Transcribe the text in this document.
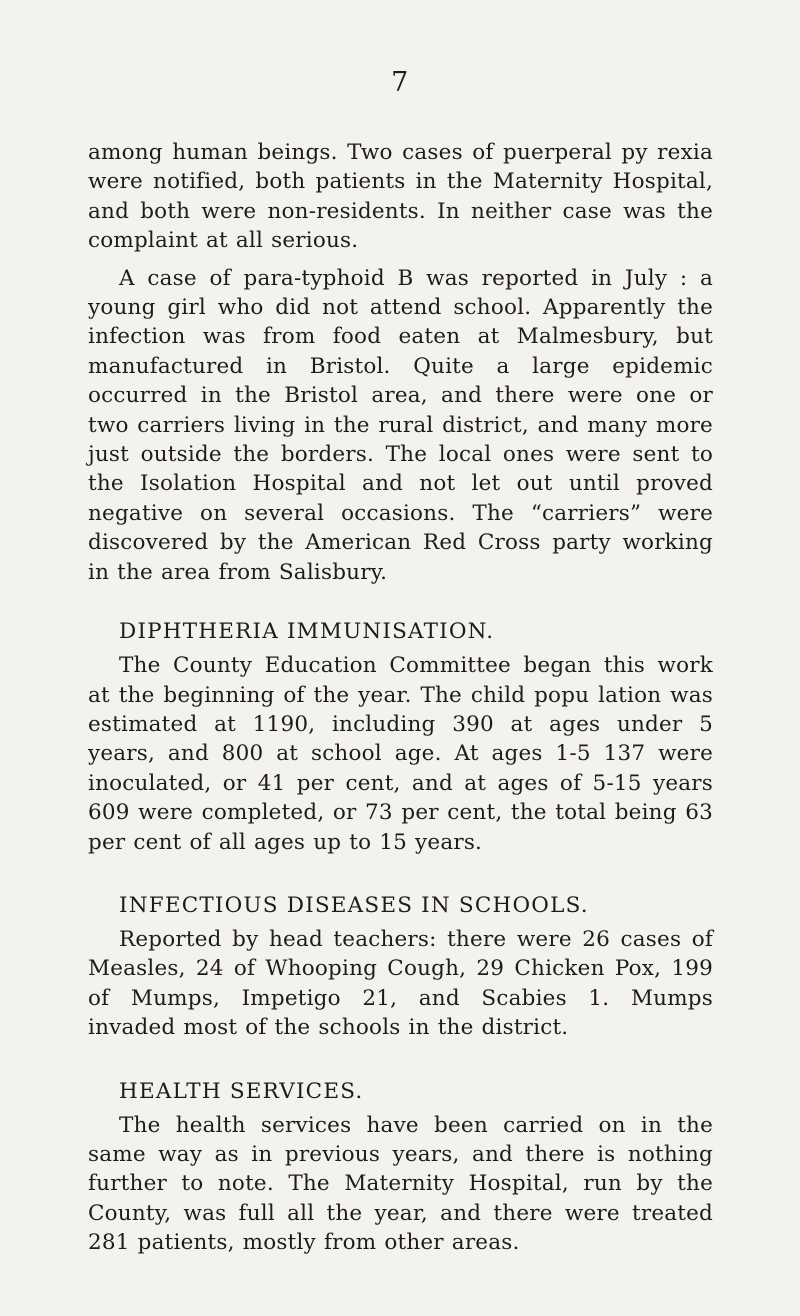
7

among human beings. Two cases of puerperal py rexia were notified, both patients in the Maternity Hospital, and both were non-residents. In neither case was the complaint at all serious.

A case of para-typhoid B was reported in July : a young girl who did not attend school. Apparently the infection was from food eaten at Malmesbury, but manufactured in Bristol. Quite a large epidemic occurred in the Bristol area, and there were one or two carriers living in the rural district, and many more just outside the borders. The local ones were sent to the Isolation Hospital and not let out until proved negative on several occasions. The “carriers” were discovered by the American Red Cross party working in the area from Salisbury.

DIPHTHERIA IMMUNISATION.

The County Education Committee began this work at the beginning of the year. The child popu lation was estimated at 1190, including 390 at ages under 5 years, and 800 at school age. At ages 1-5 137 were inoculated, or 41 per cent, and at ages of 5-15 years 609 were completed, or 73 per cent, the total being 63 per cent of all ages up to 15 years.

INFECTIOUS DISEASES IN SCHOOLS.

Reported by head teachers: there were 26 cases of Measles, 24 of Whooping Cough, 29 Chicken Pox, 199 of Mumps, Impetigo 21, and Scabies 1. Mumps invaded most of the schools in the district.

HEALTH SERVICES.

The health services have been carried on in the same way as in previous years, and there is nothing further to note. The Maternity Hospital, run by the County, was full all the year, and there were treated 281 patients, mostly from other areas.
